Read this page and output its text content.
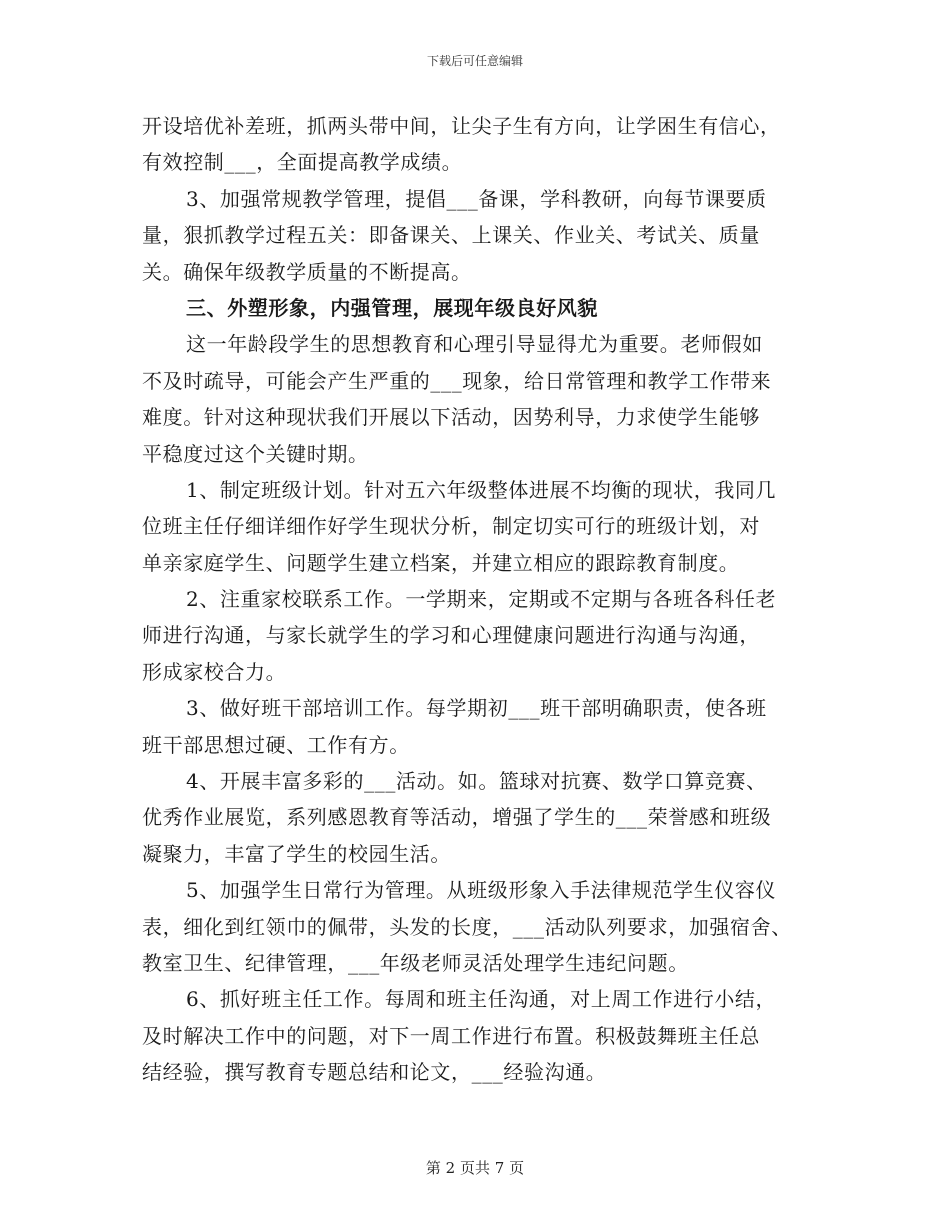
下载后可任意编辑
开设培优补差班，抓两头带中间，让尖子生有方向，让学困生有信心，
有效控制___，全面提高教学成绩。
3、加强常规教学管理，提倡___备课，学科教研，向每节课要质
量，狠抓教学过程五关：即备课关、上课关、作业关、考试关、质量
关。确保年级教学质量的不断提高。
三、外塑形象，内强管理，展现年级良好风貌
这一年龄段学生的思想教育和心理引导显得尤为重要。老师假如
不及时疏导，可能会产生严重的___现象，给日常管理和教学工作带来
难度。针对这种现状我们开展以下活动，因势利导，力求使学生能够
平稳度过这个关键时期。
1、制定班级计划。针对五六年级整体进展不均衡的现状，我同几
位班主任仔细详细作好学生现状分析，制定切实可行的班级计划，对
单亲家庭学生、问题学生建立档案，并建立相应的跟踪教育制度。
2、注重家校联系工作。一学期来，定期或不定期与各班各科任老
师进行沟通，与家长就学生的学习和心理健康问题进行沟通与沟通，
形成家校合力。
3、做好班干部培训工作。每学期初___班干部明确职责，使各班
班干部思想过硬、工作有方。
4、开展丰富多彩的___活动。如。篮球对抗赛、数学口算竞赛、
优秀作业展览，系列感恩教育等活动，增强了学生的___荣誉感和班级
凝聚力，丰富了学生的校园生活。
5、加强学生日常行为管理。从班级形象入手法律规范学生仪容仪
表，细化到红领巾的佩带，头发的长度，___活动队列要求，加强宿舍、
教室卫生、纪律管理，___年级老师灵活处理学生违纪问题。
6、抓好班主任工作。每周和班主任沟通，对上周工作进行小结，
及时解决工作中的问题，对下一周工作进行布置。积极鼓舞班主任总
结经验，撰写教育专题总结和论文，___经验沟通。
第 2 页共 7 页
